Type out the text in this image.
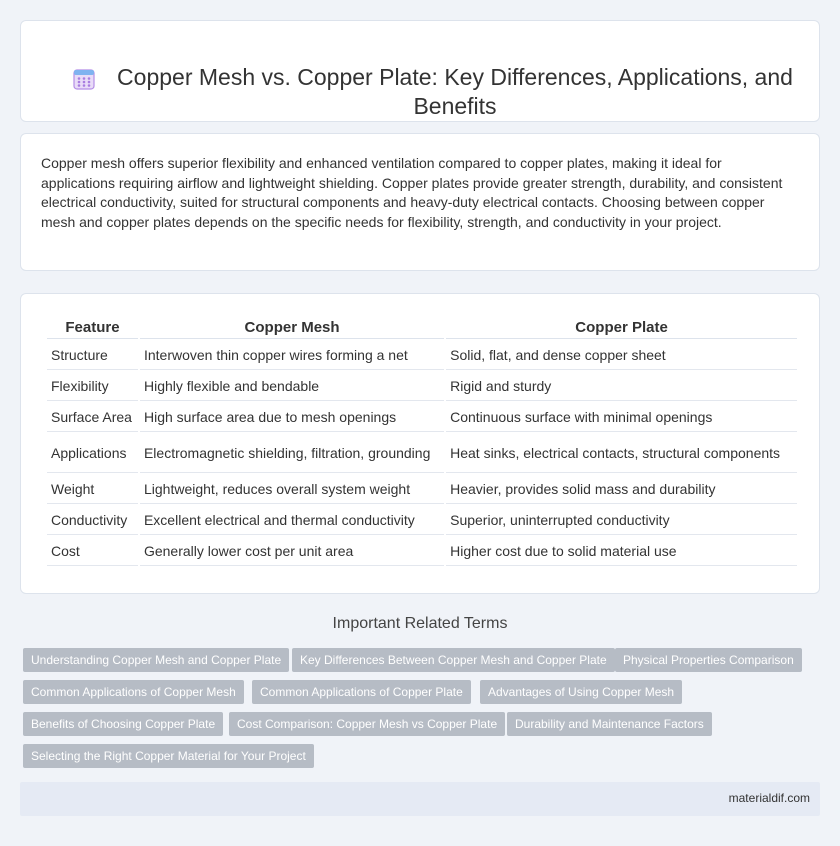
Copper Mesh vs. Copper Plate: Key Differences, Applications, and Benefits

Copper mesh offers superior flexibility and enhanced ventilation compared to copper plates, making it ideal for applications requiring airflow and lightweight shielding. Copper plates provide greater strength, durability, and consistent electrical conductivity, suited for structural components and heavy-duty electrical contacts. Choosing between copper mesh and copper plates depends on the specific needs for flexibility, strength, and conductivity in your project.

Feature	Copper Mesh	Copper Plate
Structure	Interwoven thin copper wires forming a net	Solid, flat, and dense copper sheet
Flexibility	Highly flexible and bendable	Rigid and sturdy
Surface Area	High surface area due to mesh openings	Continuous surface with minimal openings
Applications	Electromagnetic shielding, filtration, grounding	Heat sinks, electrical contacts, structural components
Weight	Lightweight, reduces overall system weight	Heavier, provides solid mass and durability
Conductivity	Excellent electrical and thermal conductivity	Superior, uninterrupted conductivity
Cost	Generally lower cost per unit area	Higher cost due to solid material use
Important Related Terms
Understanding Copper Mesh and Copper Plate	Key Differences Between Copper Mesh and Copper Plate	Physical Properties Comparison
Common Applications of Copper Mesh	Common Applications of Copper Plate	Advantages of Using Copper Mesh
Benefits of Choosing Copper Plate	Cost Comparison: Copper Mesh vs Copper Plate	Durability and Maintenance Factors
Selecting the Right Copper Material for Your Project
materialdif.com
